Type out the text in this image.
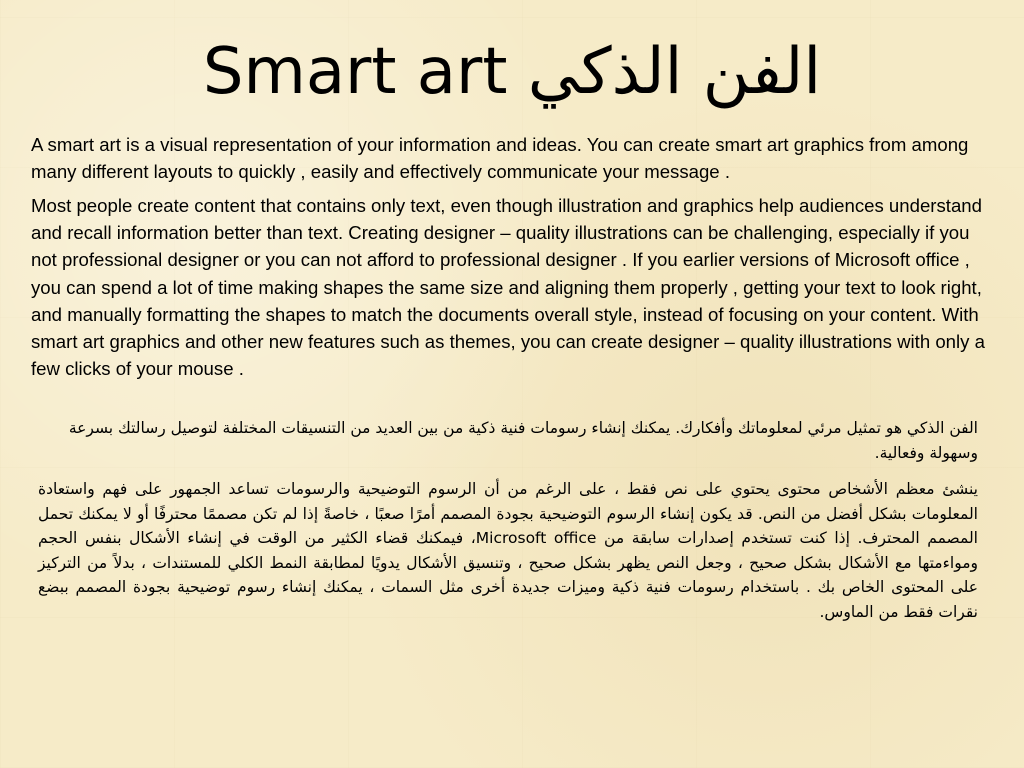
Smart art الفن الذكي

A smart art is a visual representation of your information and ideas. You can create smart art graphics from among many different layouts to quickly , easily and effectively communicate your message .

Most people create content that contains only text, even though illustration and graphics help audiences understand and recall information better than text. Creating designer – quality illustrations can be challenging, especially if you not professional designer or you can not afford to professional designer . If you earlier versions of Microsoft office , you can spend a lot of time making shapes the same size and aligning them properly , getting your text to look right, and manually formatting the shapes to match the documents overall style, instead of focusing on your content. With smart art graphics and other new features such as themes, you can create designer – quality illustrations with only a few clicks of your mouse .

الفن الذكي هو تمثيل مرئي لمعلوماتك وأفكارك. يمكنك إنشاء رسومات فنية ذكية من بين العديد من التنسيقات المختلفة لتوصيل رسالتك بسرعة وسهولة وفعالية.

ينشئ معظم الأشخاص محتوى يحتوي على نص فقط ، على الرغم من أن الرسوم التوضيحية والرسومات تساعد الجمهور على فهم واستعادة المعلومات بشكل أفضل من النص. قد يكون إنشاء الرسوم التوضيحية بجودة المصمم أمرًا صعبًا ، خاصةً إذا لم تكن مصممًا محترفًا أو لا يمكنك تحمل المصمم المحترف. إذا كنت تستخدم إصدارات سابقة من Microsoft office، فيمكنك قضاء الكثير من الوقت في إنشاء الأشكال بنفس الحجم ومواءمتها مع الأشكال بشكل صحيح ، وجعل النص يظهر بشكل صحيح ، وتنسيق الأشكال يدويًا لمطابقة النمط الكلي للمستندات ، بدلاً من التركيز على المحتوى الخاص بك . باستخدام رسومات فنية ذكية وميزات جديدة أخرى مثل السمات ، يمكنك إنشاء رسوم توضيحية بجودة المصمم ببضع نقرات فقط من الماوس.
